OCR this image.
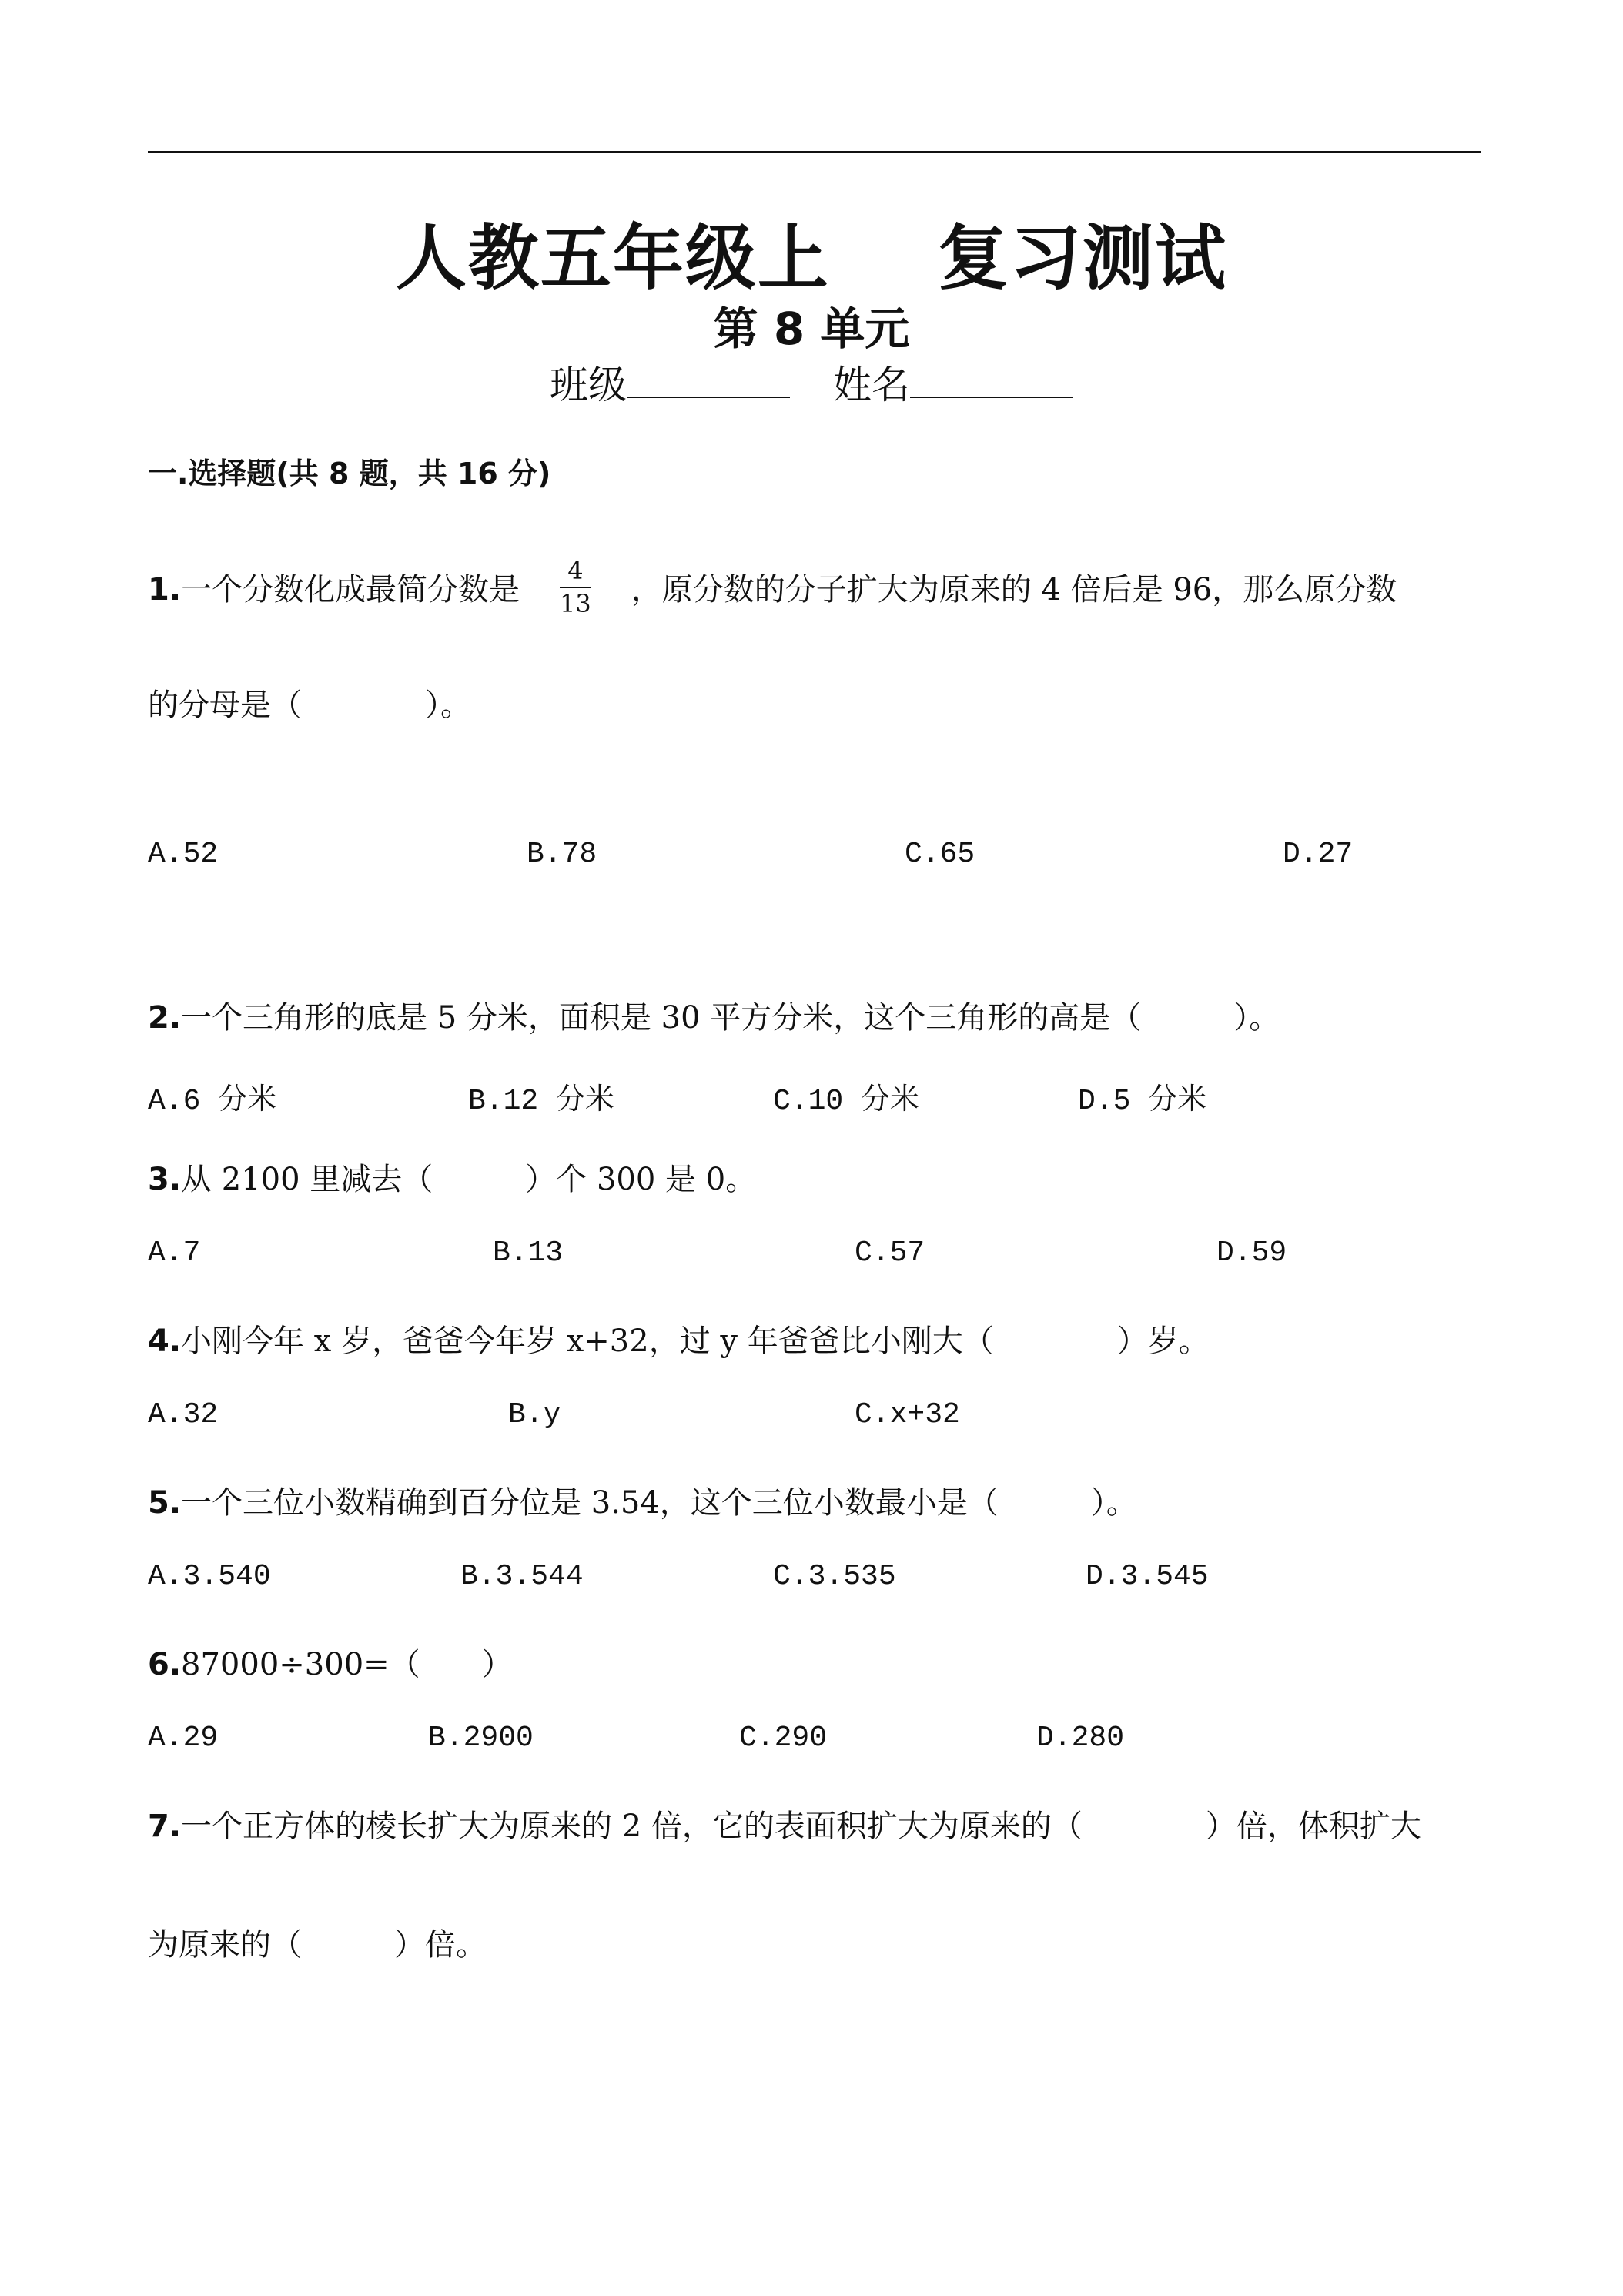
人教五年级上 复习测试
第 8 单元
班级	姓名
一.选择题(共 8 题，共 16 分)
1.一个分数化成最简分数是 $\frac{4}{13}$ ，原分数的分子扩大为原来的 4 倍后是 96，那么原分数
的分母是（　　　　）。
A.52	B.78	C.65	D.27
2.一个三角形的底是 5 分米，面积是 30 平方分米，这个三角形的高是（　　　）。
A.6 分米	B.12 分米	C.10 分米	D.5 分米
3.从 2100 里减去（　　　）个 300 是 0。
A.7	B.13	C.57	D.59
4.小刚今年 x 岁，爸爸今年岁 x+32，过 y 年爸爸比小刚大（　　　　）岁。
A.32	B.y	C.x+32
5.一个三位小数精确到百分位是 3.54，这个三位小数最小是（　　　）。
A.3.540	B.3.544	C.3.535	D.3.545
6.87000÷300=（　　）
A.29	B.2900	C.290	D.280
7.一个正方体的棱长扩大为原来的 2 倍，它的表面积扩大为原来的（　　　　）倍，体积扩大
为原来的（　　　）倍。
